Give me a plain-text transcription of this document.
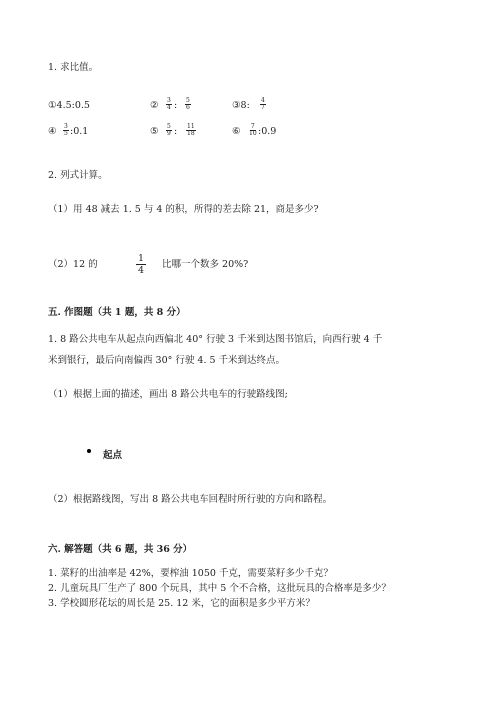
1. 求比值。
①4.5:0.5	② $\frac{3}{4}$ : $\frac{5}{6}$	③8: $\frac{4}{7}$
④ $\frac{3}{5}$ :0.1	⑤ $\frac{5}{9}$ : $\frac{11}{18}$	⑥ $\frac{7}{10}$ :0.9
2. 列式计算。
（1）用 48 减去 1. 5 与 4 的积，所得的差去除 21，商是多少?
（2）12 的	$\frac{1}{4}$ 比哪一个数多 20%?
五. 作图题（共 1 题，共 8 分）
1. 8 路公共电车从起点向西偏北 40° 行驶 3 千米到达图书馆后，向西行驶 4 千
米到银行，最后向南偏西 30° 行驶 4. 5 千米到达终点。
（1）根据上面的描述，画出 8 路公共电车的行驶路线图;
起点
（2）根据路线图，写出 8 路公共电车回程时所行驶的方向和路程。
六. 解答题（共 6 题，共 36 分）
1. 菜籽的出油率是 42%，要榨油 1050 千克，需要菜籽多少千克？
2. 儿童玩具厂生产了 800 个玩具，其中 5 个不合格，这批玩具的合格率是多少？
3. 学校圆形花坛的周长是 25. 12 米，它的面积是多少平方米？
